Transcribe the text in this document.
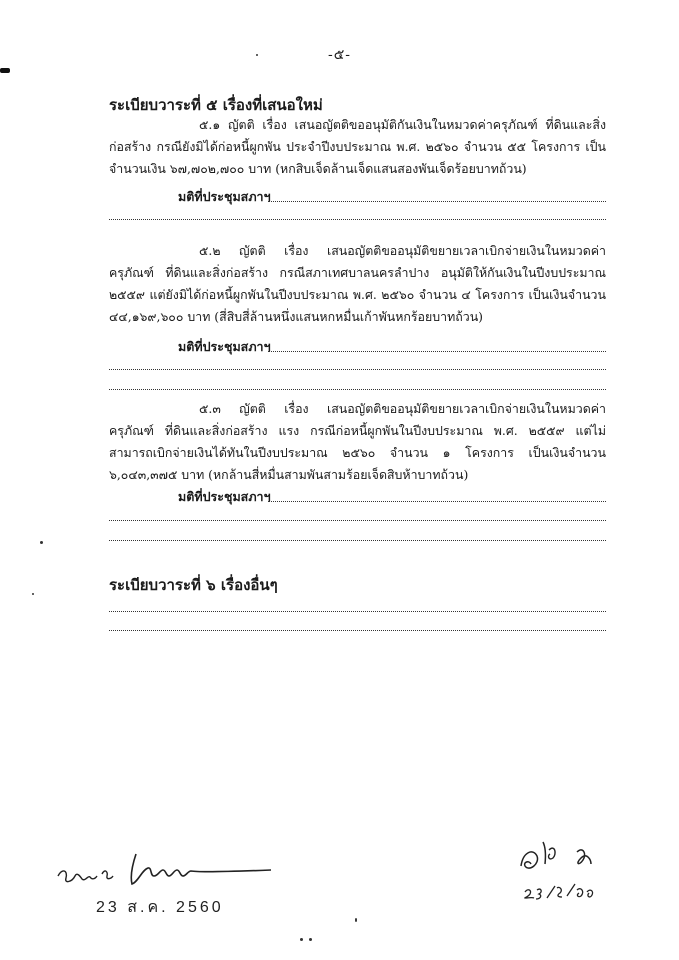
-๕-
ระเบียบวาระที่ ๕ เรื่องที่เสนอใหม่
๕.๑ ญัตติ เรื่อง เสนอญัตติขออนุมัติกันเงินในหมวดค่าครุภัณฑ์ ที่ดินและสิ่งก่อสร้าง กรณียังมิได้ก่อหนี้ผูกพัน ประจำปีงบประมาณ พ.ศ. ๒๕๖๐ จำนวน ๕๕ โครงการ เป็นจำนวนเงิน ๖๗,๗๐๒,๗๐๐ บาท (หกสิบเจ็ดล้านเจ็ดแสนสองพันเจ็ดร้อยบาทถ้วน)
มติที่ประชุมสภาฯ
๕.๒ ญัตติ เรื่อง เสนอญัตติขออนุมัติขยายเวลาเบิกจ่ายเงินในหมวดค่าครุภัณฑ์ ที่ดินและสิ่งก่อสร้าง กรณีสภาเทศบาลนครลำปาง อนุมัติให้กันเงินในปีงบประมาณ ๒๕๕๙ แต่ยังมิได้ก่อหนี้ผูกพันในปีงบประมาณ พ.ศ. ๒๕๖๐ จำนวน ๔ โครงการ เป็นเงินจำนวน ๔๔,๑๖๙,๖๐๐ บาท (สี่สิบสี่ล้านหนึ่งแสนหกหมื่นเก้าพันหกร้อยบาทถ้วน)
มติที่ประชุมสภาฯ
๕.๓ ญัตติ เรื่อง เสนอญัตติขออนุมัติขยายเวลาเบิกจ่ายเงินในหมวดค่าครุภัณฑ์ ที่ดินและสิ่งก่อสร้าง แรง กรณีก่อหนี้ผูกพันในปีงบประมาณ พ.ศ. ๒๕๕๙ แต่ไม่สามารถเบิกจ่ายเงินได้ทันในปีงบประมาณ ๒๕๖๐ จำนวน ๑ โครงการ เป็นเงินจำนวน ๖,๐๔๓,๓๗๕ บาท (หกล้านสี่หมื่นสามพันสามร้อยเจ็ดสิบห้าบาทถ้วน)
มติที่ประชุมสภาฯ
ระเบียบวาระที่ ๖ เรื่องอื่นๆ
23 ส.ค. 2560
